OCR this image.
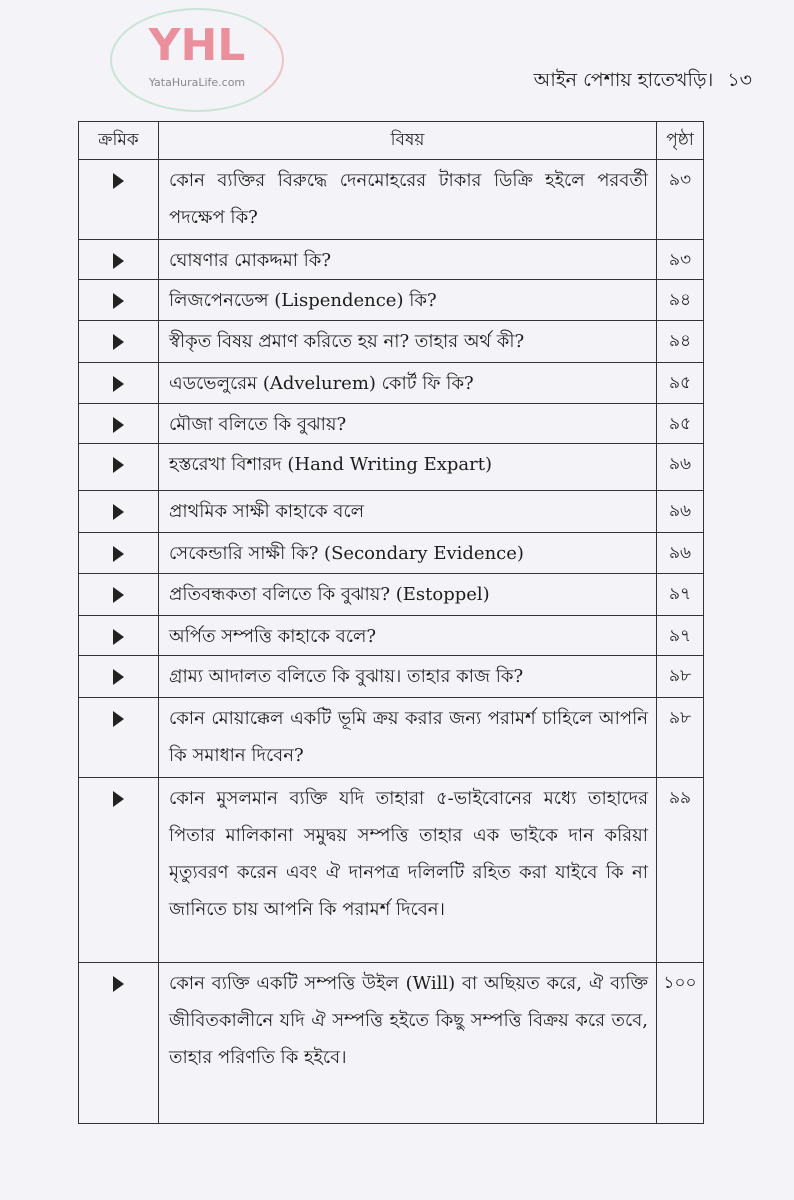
আইন পেশায় হাতেখড়ি। ১৩
ক্রমিক	বিষয়	পৃষ্ঠা
	কোন ব্যক্তির বিরুদ্ধে দেনমোহরের টাকার ডিক্রি হইলে পরবর্তী পদক্ষেপ কি?	৯৩
	ঘোষণার মোকদ্দমা কি?	৯৩
	লিজপেনডেন্স (Lispendence) কি?	৯৪
	স্বীকৃত বিষয় প্রমাণ করিতে হয় না? তাহার অর্থ কী?	৯৪
	এডভেলুরেম (Advelurem) কোর্ট ফি কি?	৯৫
	মৌজা বলিতে কি বুঝায়?	৯৫
	হস্তরেখা বিশারদ (Hand Writing Expart)	৯৬
	প্রাথমিক সাক্ষী কাহাকে বলে	৯৬
	সেকেন্ডারি সাক্ষী কি? (Secondary Evidence)	৯৬
	প্রতিবন্ধকতা বলিতে কি বুঝায়? (Estoppel)	৯৭
	অর্পিত সম্পত্তি কাহাকে বলে?	৯৭
	গ্রাম্য আদালত বলিতে কি বুঝায়। তাহার কাজ কি?	৯৮
	কোন মোয়াক্কেল একটি ভূমি ক্রয় করার জন্য পরামর্শ চাহিলে আপনি কি সমাধান দিবেন?	৯৮
	কোন মুসলমান ব্যক্তি যদি তাহারা ৫-ভাইবোনের মধ্যে তাহাদের পিতার মালিকানা সমুদ্বয় সম্পত্তি তাহার এক ভাইকে দান করিয়া মৃত্যুবরণ করেন এবং ঐ দানপত্র দলিলটি রহিত করা যাইবে কি না জানিতে চায় আপনি কি পরামর্শ দিবেন।	৯৯
	কোন ব্যক্তি একটি সম্পত্তি উইল (Will) বা অছিয়ত করে, ঐ ব্যক্তি জীবিতকালীনে যদি ঐ সম্পত্তি হইতে কিছু সম্পত্তি বিক্রয় করে তবে, তাহার পরিণতি কি হইবে।	১০০
YHL
YataHuraLife.com
